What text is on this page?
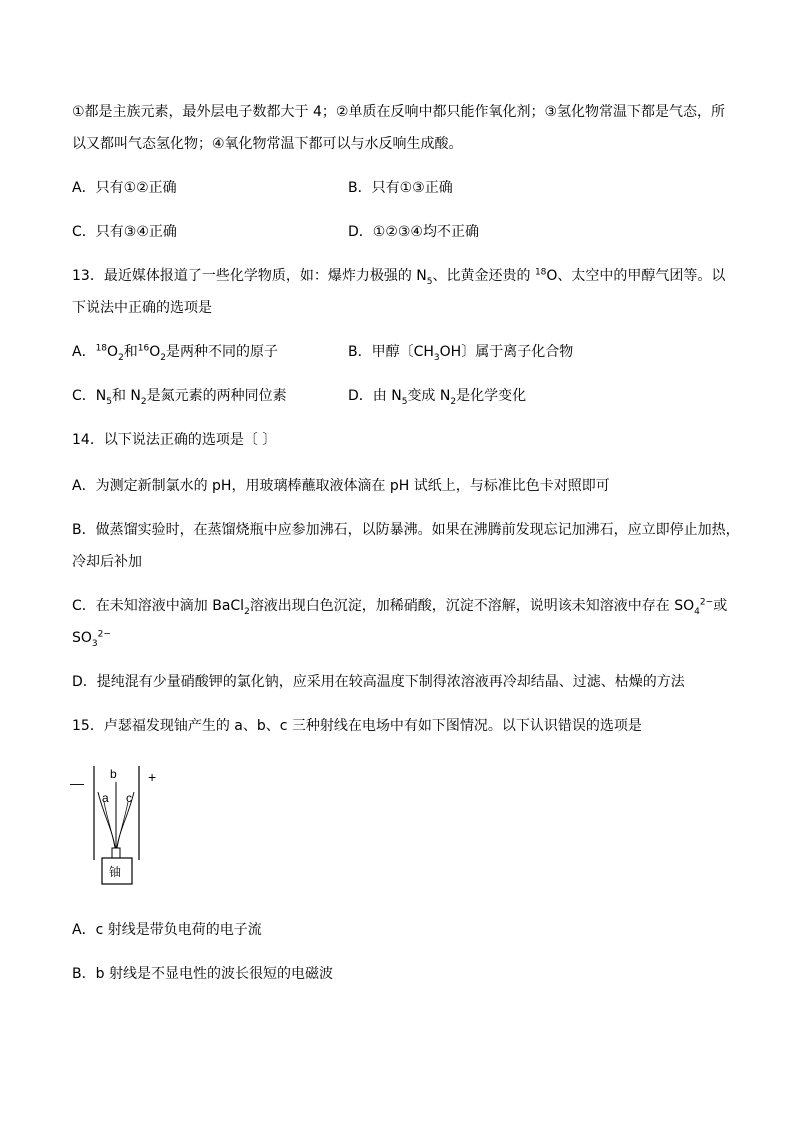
①都是主族元素，最外层电子数都大于 4；②单质在反响中都只能作氧化剂；③氢化物常温下都是气态，所
以又都叫气态氢化物；④氧化物常温下都可以与水反响生成酸。
A．只有①②正确	B．只有①③正确
C．只有③④正确	D．①②③④均不正确
13．最近媒体报道了一些化学物质，如：爆炸力极强的 $N_5$、比黄金还贵的 $^{18}$O、太空中的甲醇气团等。以
下说法中正确的选项是
A．$^{18}O_2$和$^{16}O_2$是两种不同的原子	B．甲醇〔$CH_3OH$〕属于离子化合物
C．$N_5$和 $N_2$是氮元素的两种同位素	D．由 $N_5$变成 $N_2$是化学变化
14．以下说法正确的选项是〔 〕
A．为测定新制氯水的 pH，用玻璃棒蘸取液体滴在 pH 试纸上，与标准比色卡对照即可
B．做蒸馏实验时，在蒸馏烧瓶中应参加沸石，以防暴沸。如果在沸腾前发现忘记加沸石，应立即停止加热，
冷却后补加
C．在未知溶液中滴加 BaCl$_2$溶液出现白色沉淀，加稀硝酸，沉淀不溶解，说明该未知溶液中存在 $SO_4^{2-}$或
$SO_3^{2-}$
D．提纯混有少量硝酸钾的氯化钠，应采用在较高温度下制得浓溶液再冷却结晶、过滤、枯燥的方法
15．卢瑟福发现铀产生的 a、b、c 三种射线在电场中有如下图情况。以下认识错误的选项是
—	+
b
a c
铀
A．c 射线是带负电荷的电子流
B．b 射线是不显电性的波长很短的电磁波
